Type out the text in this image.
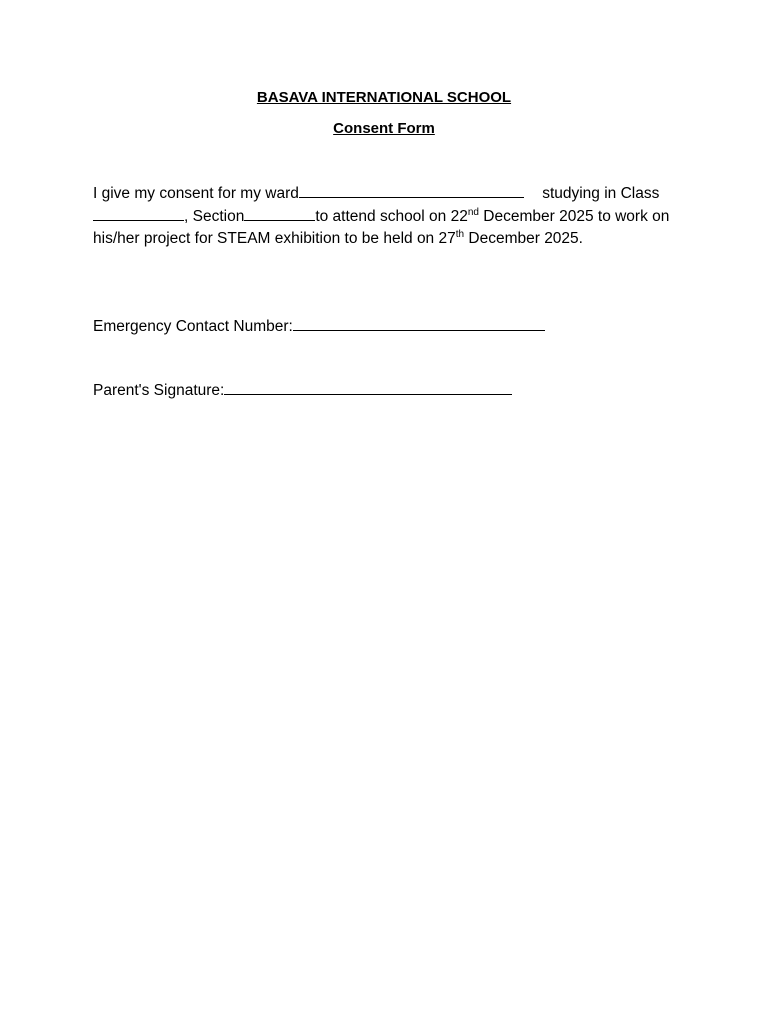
BASAVA INTERNATIONAL SCHOOL
Consent Form
I give my consent for my ward	studying in Class, Section	to attend school on 22nd December 2025 to work on his/her project for STEAM exhibition to be held on 27th December 2025.
Emergency Contact Number:
Parent's Signature:
